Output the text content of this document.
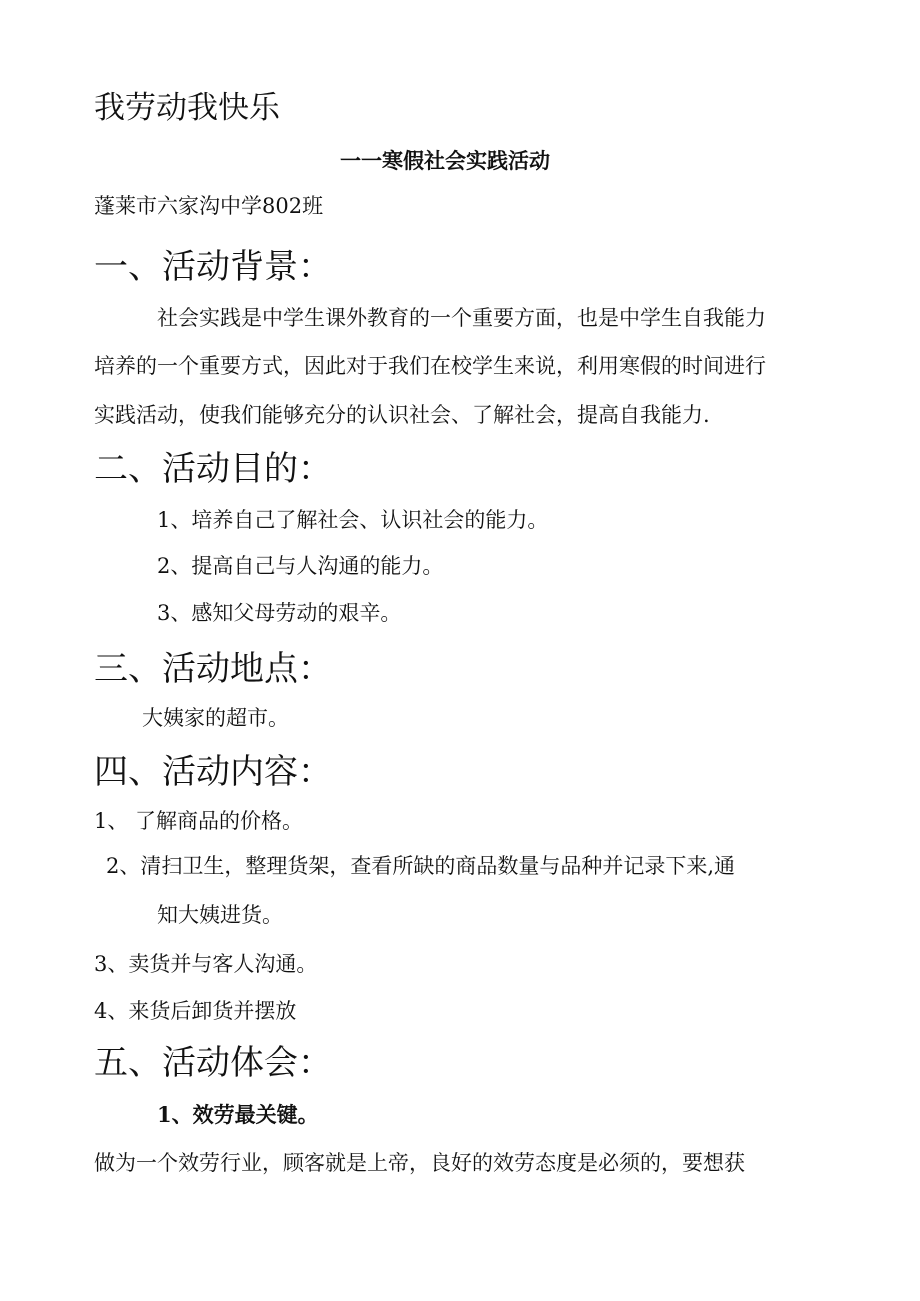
我劳动我快乐
一一寒假社会实践活动
蓬莱市六家沟中学802班
一、活动背景：
社会实践是中学生课外教育的一个重要方面，也是中学生自我能力
培养的一个重要方式，因此对于我们在校学生来说，利用寒假的时间进行
实践活动，使我们能够充分的认识社会、了解社会，提高自我能力.
二、活动目的：
1、培养自己了解社会、认识社会的能力。
2、提高自己与人沟通的能力。
3、感知父母劳动的艰辛。
三、活动地点：
大姨家的超市。
四、活动内容：
1、 了解商品的价格。
2、清扫卫生，整理货架，查看所缺的商品数量与品种并记录下来,通
知大姨进货。
3、卖货并与客人沟通。
4、来货后卸货并摆放
五、活动体会：
1、效劳最关键。
做为一个效劳行业，顾客就是上帝，良好的效劳态度是必须的，要想获
